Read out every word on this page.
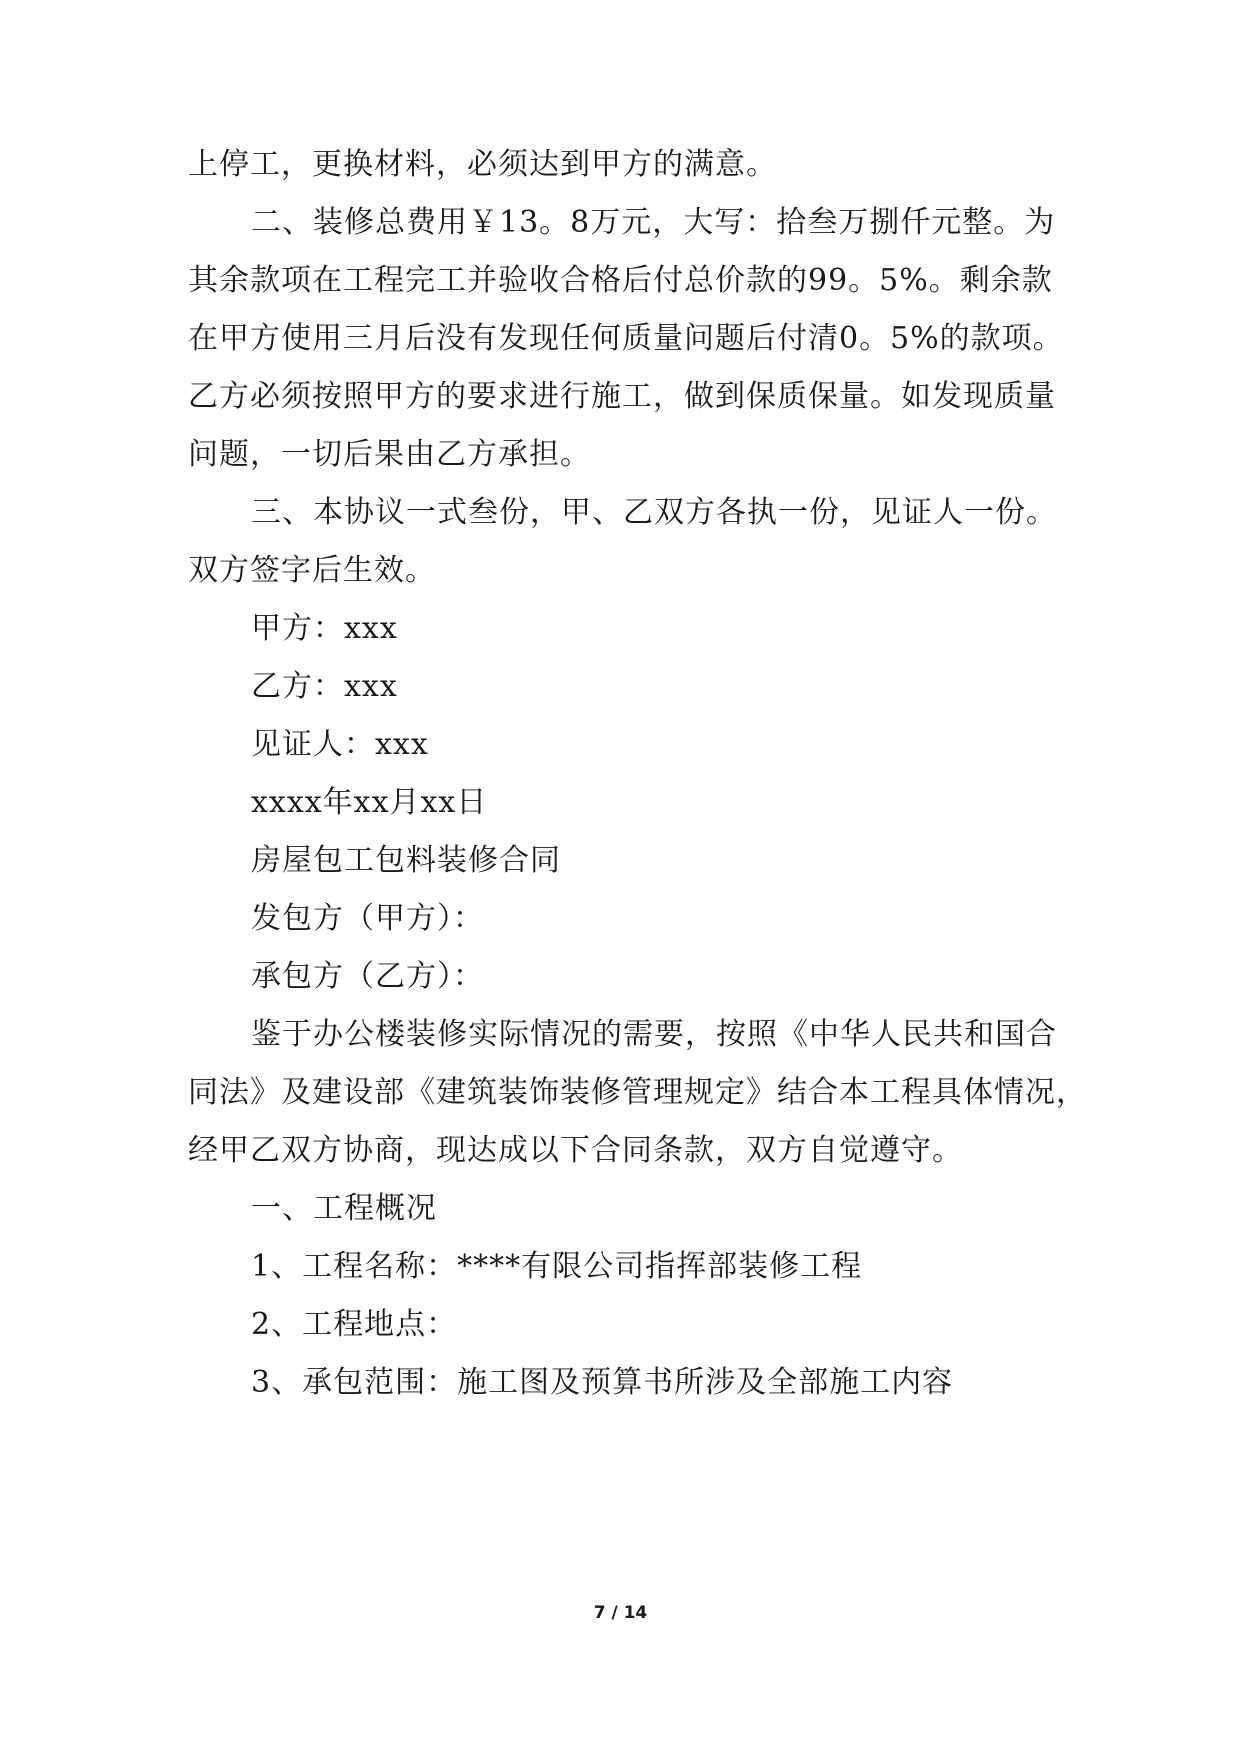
上停工，更换材料，必须达到甲方的满意。
二、装修总费用￥13。8万元，大写：拾叁万捌仟元整。为
其余款项在工程完工并验收合格后付总价款的99。5%。剩余款
在甲方使用三月后没有发现任何质量问题后付清0。5%的款项。
乙方必须按照甲方的要求进行施工，做到保质保量。如发现质量
问题，一切后果由乙方承担。
三、本协议一式叁份，甲、乙双方各执一份，见证人一份。
双方签字后生效。
甲方：xxx
乙方：xxx
见证人：xxx
xxxx年xx月xx日
房屋包工包料装修合同
发包方（甲方）：
承包方（乙方）：
鉴于办公楼装修实际情况的需要，按照《中华人民共和国合
同法》及建设部《建筑装饰装修管理规定》结合本工程具体情况，
经甲乙双方协商，现达成以下合同条款，双方自觉遵守。
一、工程概况
1、工程名称：****有限公司指挥部装修工程
2、工程地点：
3、承包范围：施工图及预算书所涉及全部施工内容
7 / 14
